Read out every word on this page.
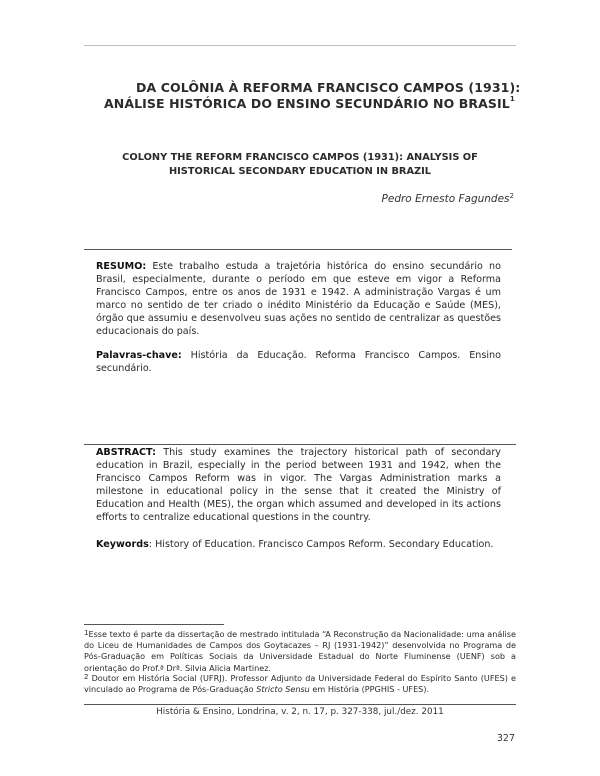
DA COLÔNIA À REFORMA FRANCISCO CAMPOS (1931):
ANÁLISE HISTÓRICA DO ENSINO SECUNDÁRIO NO BRASIL$^1$
COLONY THE REFORM FRANCISCO CAMPOS (1931): ANALYSIS OF
HISTORICAL SECONDARY EDUCATION IN BRAZIL
Pedro Ernesto Fagundes$^2$
RESUMO: Este trabalho estuda a trajetória histórica do ensino secundário no Brasil, especialmente, durante o período em que esteve em vigor a Reforma Francisco Campos, entre os anos de 1931 e 1942. A administração Vargas é um marco no sentido de ter criado o inédito Ministério da Educação e Saúde (MES), órgão que assumiu e desenvolveu suas ações no sentido de centralizar as questões educacionais do país.
Palavras-chave: História da Educação. Reforma Francisco Campos. Ensino secundário.
ABSTRACT: This study examines the trajectory historical path of secondary education in Brazil, especially in the period between 1931 and 1942, when the Francisco Campos Reform was in vigor. The Vargas Administration marks a milestone in educational policy in the sense that it created the Ministry of Education and Health (MES), the organ which assumed and developed in its actions efforts to centralize educational questions in the country.
Keywords: History of Education. Francisco Campos Reform. Secondary Education.
$^1$Esse texto é parte da dissertação de mestrado intitulada “A Reconstrução da Nacionalidade: uma análise do Liceu de Humanidades de Campos dos Goytacazes – RJ (1931-1942)” desenvolvida no Programa de Pós-Graduação em Políticas Sociais da Universidade Estadual do Norte Fluminense (UENF) sob a orientação do Prof.ª Drª. Silvia Alicia Martinez.
$^2$ Doutor em História Social (UFRJ). Professor Adjunto da Universidade Federal do Espírito Santo (UFES) e vinculado ao Programa de Pós-Graduação Stricto Sensu em História (PPGHIS - UFES).
História & Ensino, Londrina, v. 2, n. 17, p. 327-338, jul./dez. 2011
327
